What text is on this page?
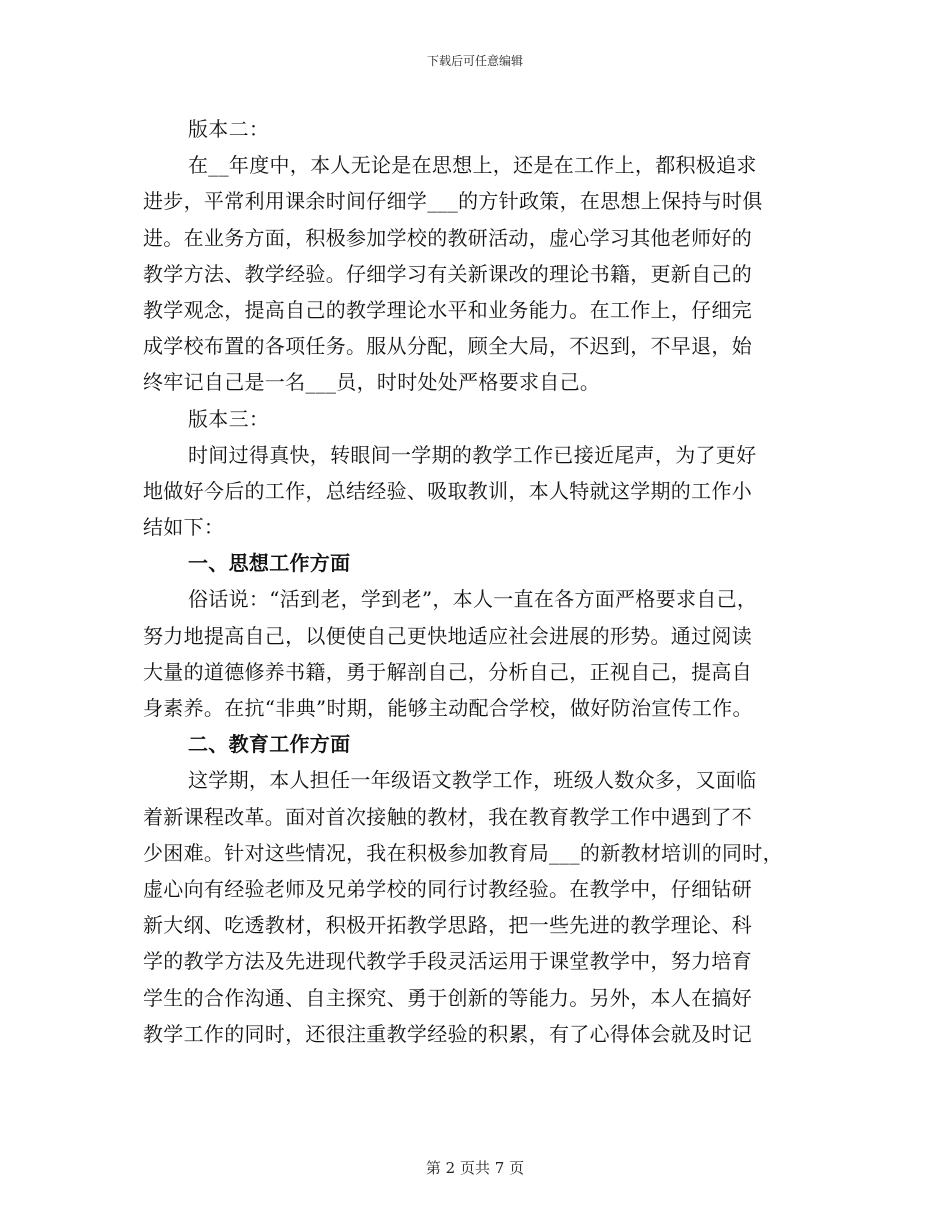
下载后可任意编辑
版本二：
在__年度中，本人无论是在思想上，还是在工作上，都积极追求
进步，平常利用课余时间仔细学___的方针政策，在思想上保持与时俱
进。在业务方面，积极参加学校的教研活动，虚心学习其他老师好的
教学方法、教学经验。仔细学习有关新课改的理论书籍，更新自己的
教学观念，提高自己的教学理论水平和业务能力。在工作上，仔细完
成学校布置的各项任务。服从分配，顾全大局，不迟到，不早退，始
终牢记自己是一名___员，时时处处严格要求自己。
版本三：
时间过得真快，转眼间一学期的教学工作已接近尾声，为了更好
地做好今后的工作，总结经验、吸取教训，本人特就这学期的工作小
结如下：
一、思想工作方面
俗话说：“活到老，学到老”，本人一直在各方面严格要求自己，
努力地提高自己，以便使自己更快地适应社会进展的形势。通过阅读
大量的道德修养书籍，勇于解剖自己，分析自己，正视自己，提高自
身素养。在抗“非典”时期，能够主动配合学校，做好防治宣传工作。
二、教育工作方面
这学期，本人担任一年级语文教学工作，班级人数众多，又面临
着新课程改革。面对首次接触的教材，我在教育教学工作中遇到了不
少困难。针对这些情况，我在积极参加教育局___的新教材培训的同时，
虚心向有经验老师及兄弟学校的同行讨教经验。在教学中，仔细钻研
新大纲、吃透教材，积极开拓教学思路，把一些先进的教学理论、科
学的教学方法及先进现代教学手段灵活运用于课堂教学中，努力培育
学生的合作沟通、自主探究、勇于创新的等能力。另外，本人在搞好
教学工作的同时，还很注重教学经验的积累，有了心得体会就及时记
第 2 页共 7 页
